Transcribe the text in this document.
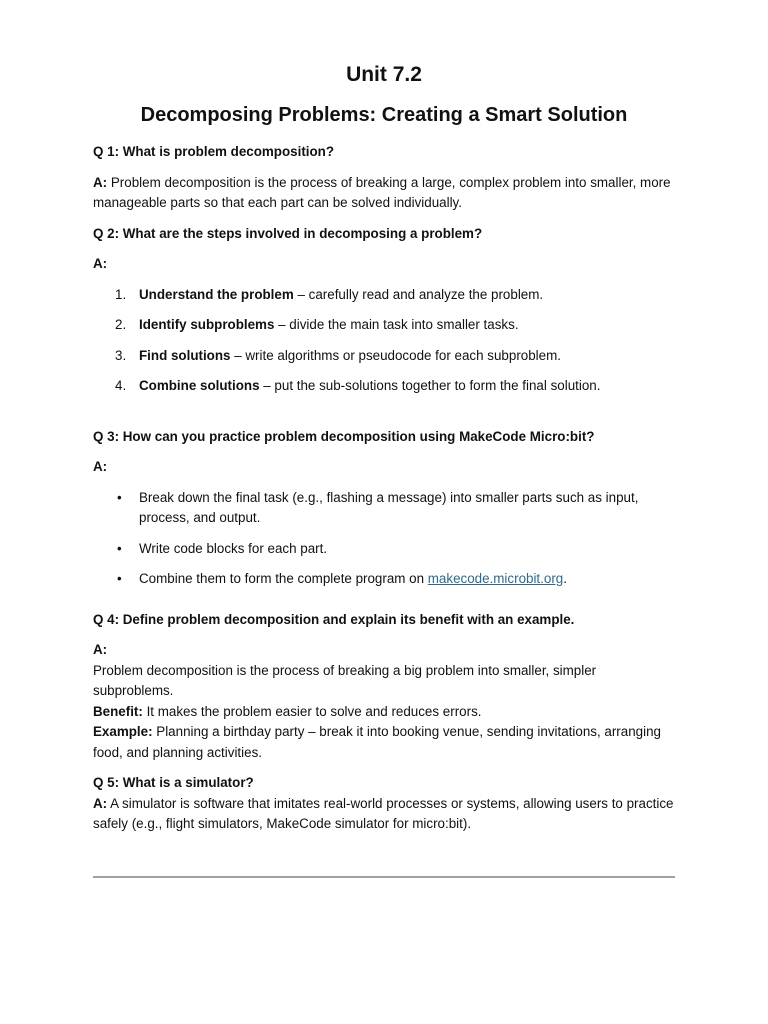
Unit 7.2
Decomposing Problems: Creating a Smart Solution

Q 1: What is problem decomposition?

A: Problem decomposition is the process of breaking a large, complex problem into smaller, more manageable parts so that each part can be solved individually.

Q 2: What are the steps involved in decomposing a problem?

A:

1. Understand the problem – carefully read and analyze the problem.
2. Identify subproblems – divide the main task into smaller tasks.
3. Find solutions – write algorithms or pseudocode for each subproblem.
4. Combine solutions – put the sub-solutions together to form the final solution.

Q 3: How can you practice problem decomposition using MakeCode Micro:bit?

A:

• Break down the final task (e.g., flashing a message) into smaller parts such as input, process, and output.
• Write code blocks for each part.
• Combine them to form the complete program on makecode.microbit.org.

Q 4: Define problem decomposition and explain its benefit with an example.

A:

Problem decomposition is the process of breaking a big problem into smaller, simpler subproblems.

Benefit: It makes the problem easier to solve and reduces errors.

Example: Planning a birthday party – break it into booking venue, sending invitations, arranging food, and planning activities.

Q 5: What is a simulator?

A: A simulator is software that imitates real-world processes or systems, allowing users to practice safely (e.g., flight simulators, MakeCode simulator for micro:bit).
